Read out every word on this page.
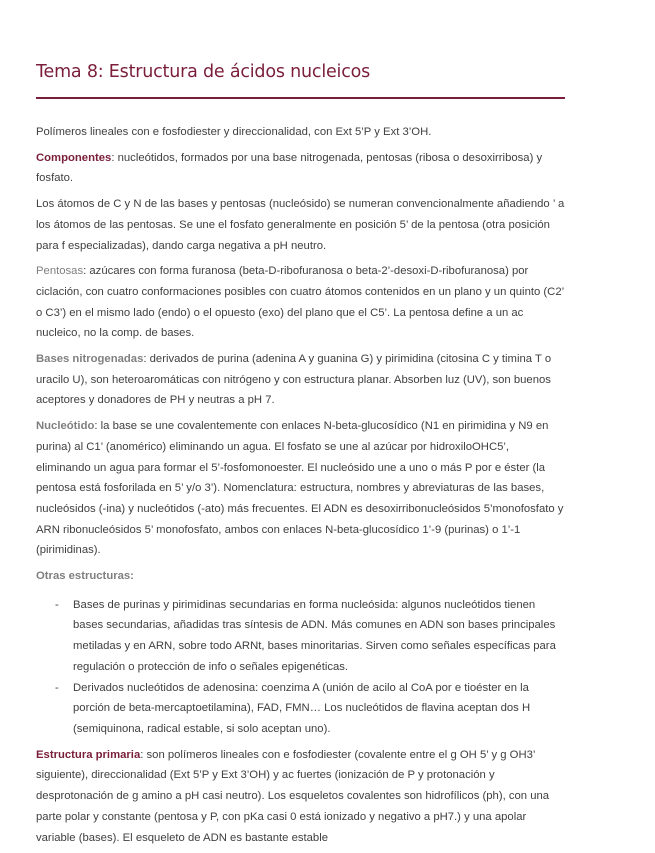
Tema 8: Estructura de ácidos nucleicos

Polímeros lineales con e fosfodiester y direccionalidad, con Ext 5’P y Ext 3’OH.

Componentes: nucleótidos, formados por una base nitrogenada, pentosas (ribosa o desoxirribosa) y fosfato.

Los átomos de C y N de las bases y pentosas (nucleósido) se numeran convencionalmente añadiendo ’ a los átomos de las pentosas. Se une el fosfato generalmente en posición 5’ de la pentosa (otra posición para f especializadas), dando carga negativa a pH neutro.

Pentosas: azúcares con forma furanosa (beta-D-ribofuranosa o beta-2’-desoxi-D-ribofuranosa) por ciclación, con cuatro conformaciones posibles con cuatro átomos contenidos en un plano y un quinto (C2’ o C3’) en el mismo lado (endo) o el opuesto (exo) del plano que el C5’. La pentosa define a un ac nucleico, no la comp. de bases.

Bases nitrogenadas: derivados de purina (adenina A y guanina G) y pirimidina (citosina C y timina T o uracilo U), son heteroaromáticas con nitrógeno y con estructura planar. Absorben luz (UV), son buenos aceptores y donadores de PH y neutras a pH 7.

Nucleótido: la base se une covalentemente con enlaces N-beta-glucosídico (N1 en pirimidina y N9 en purina) al C1’ (anomérico) eliminando un agua. El fosfato se une al azúcar por hidroxiloOHC5’, eliminando un agua para formar el 5’-fosfomonoester. El nucleósido une a uno o más P por e éster (la pentosa está fosforilada en 5’ y/o 3’). Nomenclatura: estructura, nombres y abreviaturas de las bases, nucleósidos (-ina) y nucleótidos (-ato) más frecuentes. El ADN es desoxirribonucleósidos 5’monofosfato y ARN ribonucleósidos 5’ monofosfato, ambos con enlaces N-beta-glucosídico 1’-9 (purinas) o 1’-1 (pirimidinas).

Otras estructuras:

- Bases de purinas y pirimidinas secundarias en forma nucleósida: algunos nucleótidos tienen bases secundarias, añadidas tras síntesis de ADN. Más comunes en ADN son bases principales metiladas y en ARN, sobre todo ARNt, bases minoritarias. Sirven como señales específicas para regulación o protección de info o señales epigenéticas.
- Derivados nucleótidos de adenosina: coenzima A (unión de acilo al CoA por e tioéster en la porción de beta-mercaptoetilamina), FAD, FMN… Los nucleótidos de flavina aceptan dos H (semiquinona, radical estable, si solo aceptan uno).

Estructura primaria: son polímeros lineales con e fosfodiester (covalente entre el g OH 5’ y g OH3’ siguiente), direccionalidad (Ext 5’P y Ext 3’OH) y ac fuertes (ionización de P y protonación y desprotonación de g amino a pH casi neutro). Los esqueletos covalentes son hidrofílicos (ph), con una parte polar y constante (pentosa y P, con pKa casi 0 está ionizado y negativo a pH7.) y una apolar variable (bases). El esqueleto de ADN es bastante estable
